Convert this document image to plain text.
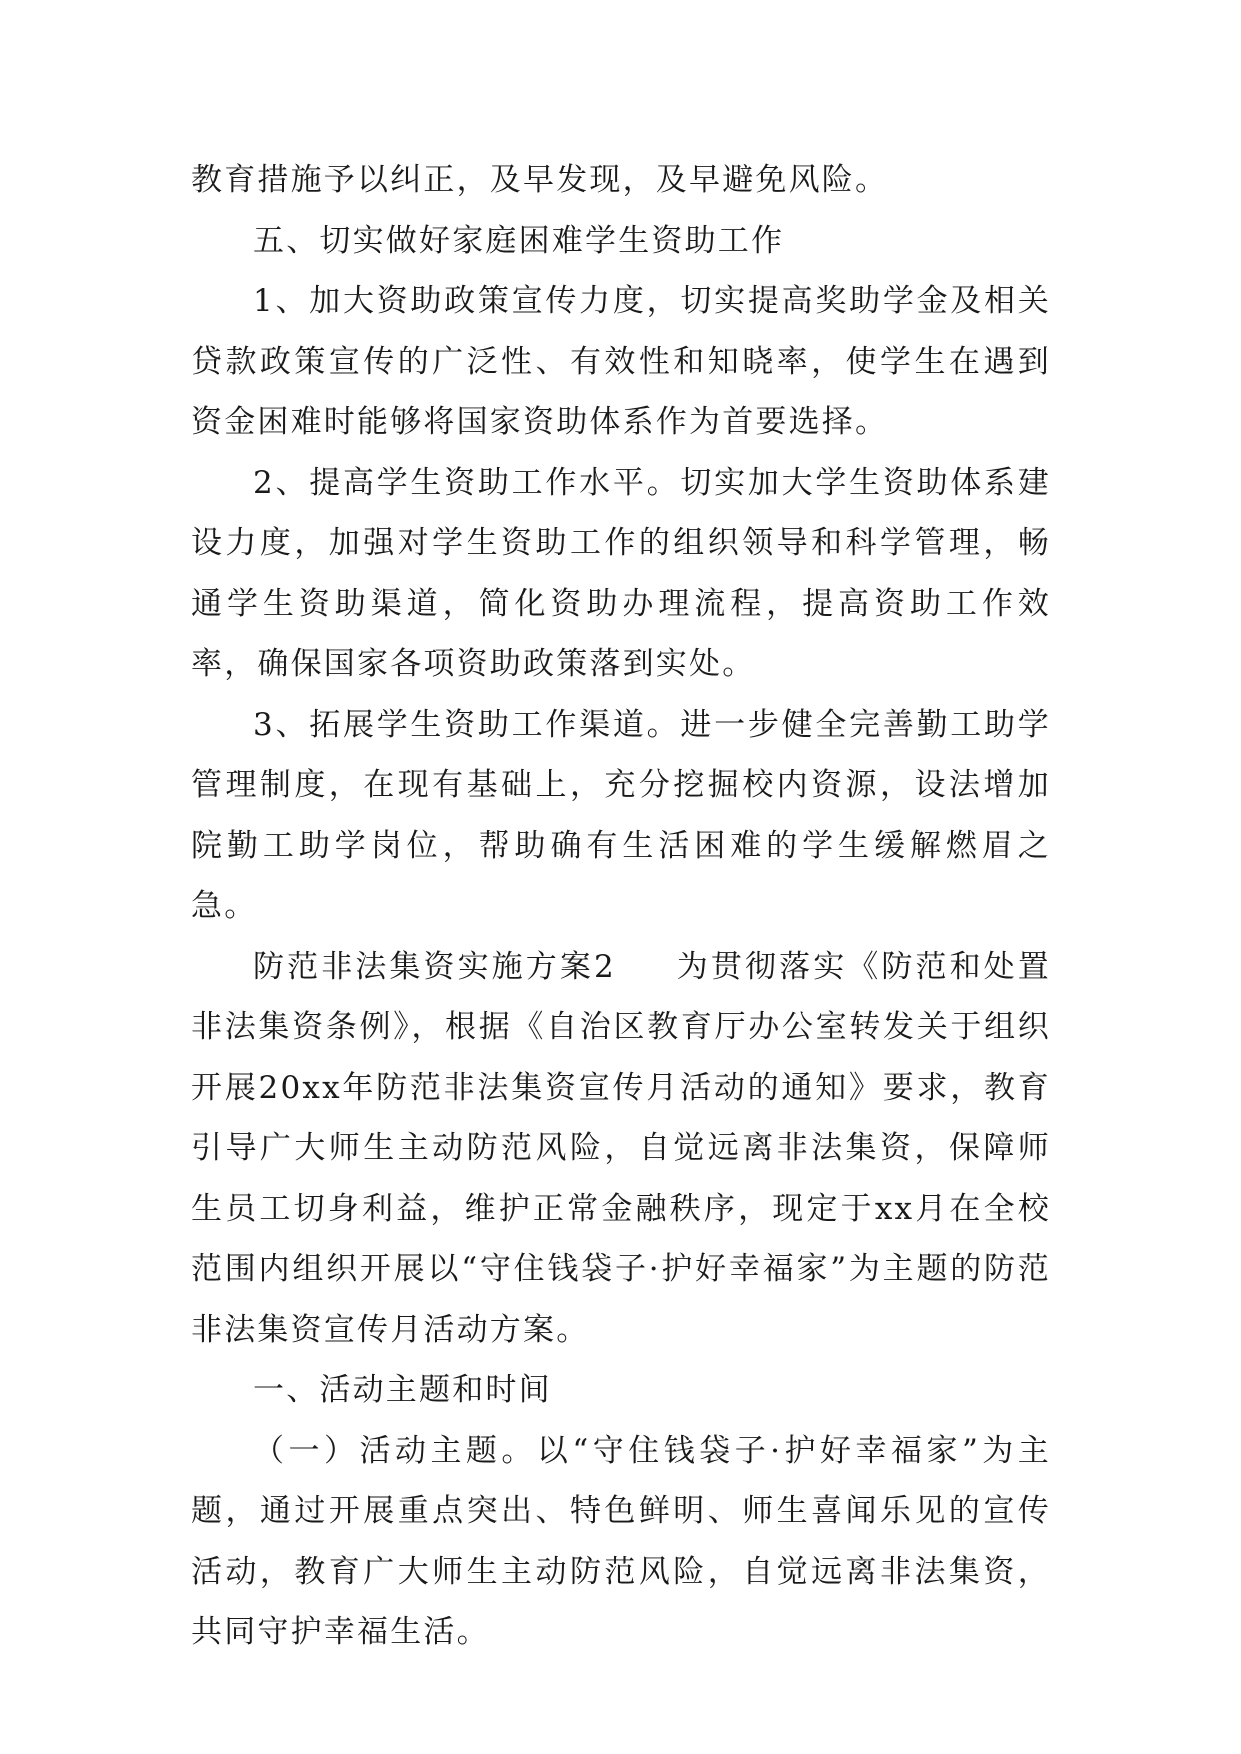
教育措施予以纠正，及早发现，及早避免风险。

五、切实做好家庭困难学生资助工作

1、加大资助政策宣传力度，切实提高奖助学金及相关贷款政策宣传的广泛性、有效性和知晓率，使学生在遇到资金困难时能够将国家资助体系作为首要选择。

2、提高学生资助工作水平。切实加大学生资助体系建设力度，加强对学生资助工作的组织领导和科学管理，畅通学生资助渠道，简化资助办理流程，提高资助工作效率，确保国家各项资助政策落到实处。

3、拓展学生资助工作渠道。进一步健全完善勤工助学管理制度，在现有基础上，充分挖掘校内资源，设法增加院勤工助学岗位，帮助确有生活困难的学生缓解燃眉之急。

防范非法集资实施方案2 为贯彻落实《防范和处置非法集资条例》，根据《自治区教育厅办公室转发关于组织开展20xx年防范非法集资宣传月活动的通知》要求，教育引导广大师生主动防范风险，自觉远离非法集资，保障师生员工切身利益，维护正常金融秩序，现定于xx月在全校范围内组织开展以“守住钱袋子·护好幸福家”为主题的防范非法集资宣传月活动方案。

一、活动主题和时间

（一）活动主题。以“守住钱袋子·护好幸福家”为主题，通过开展重点突出、特色鲜明、师生喜闻乐见的宣传活动，教育广大师生主动防范风险，自觉远离非法集资，共同守护幸福生活。
